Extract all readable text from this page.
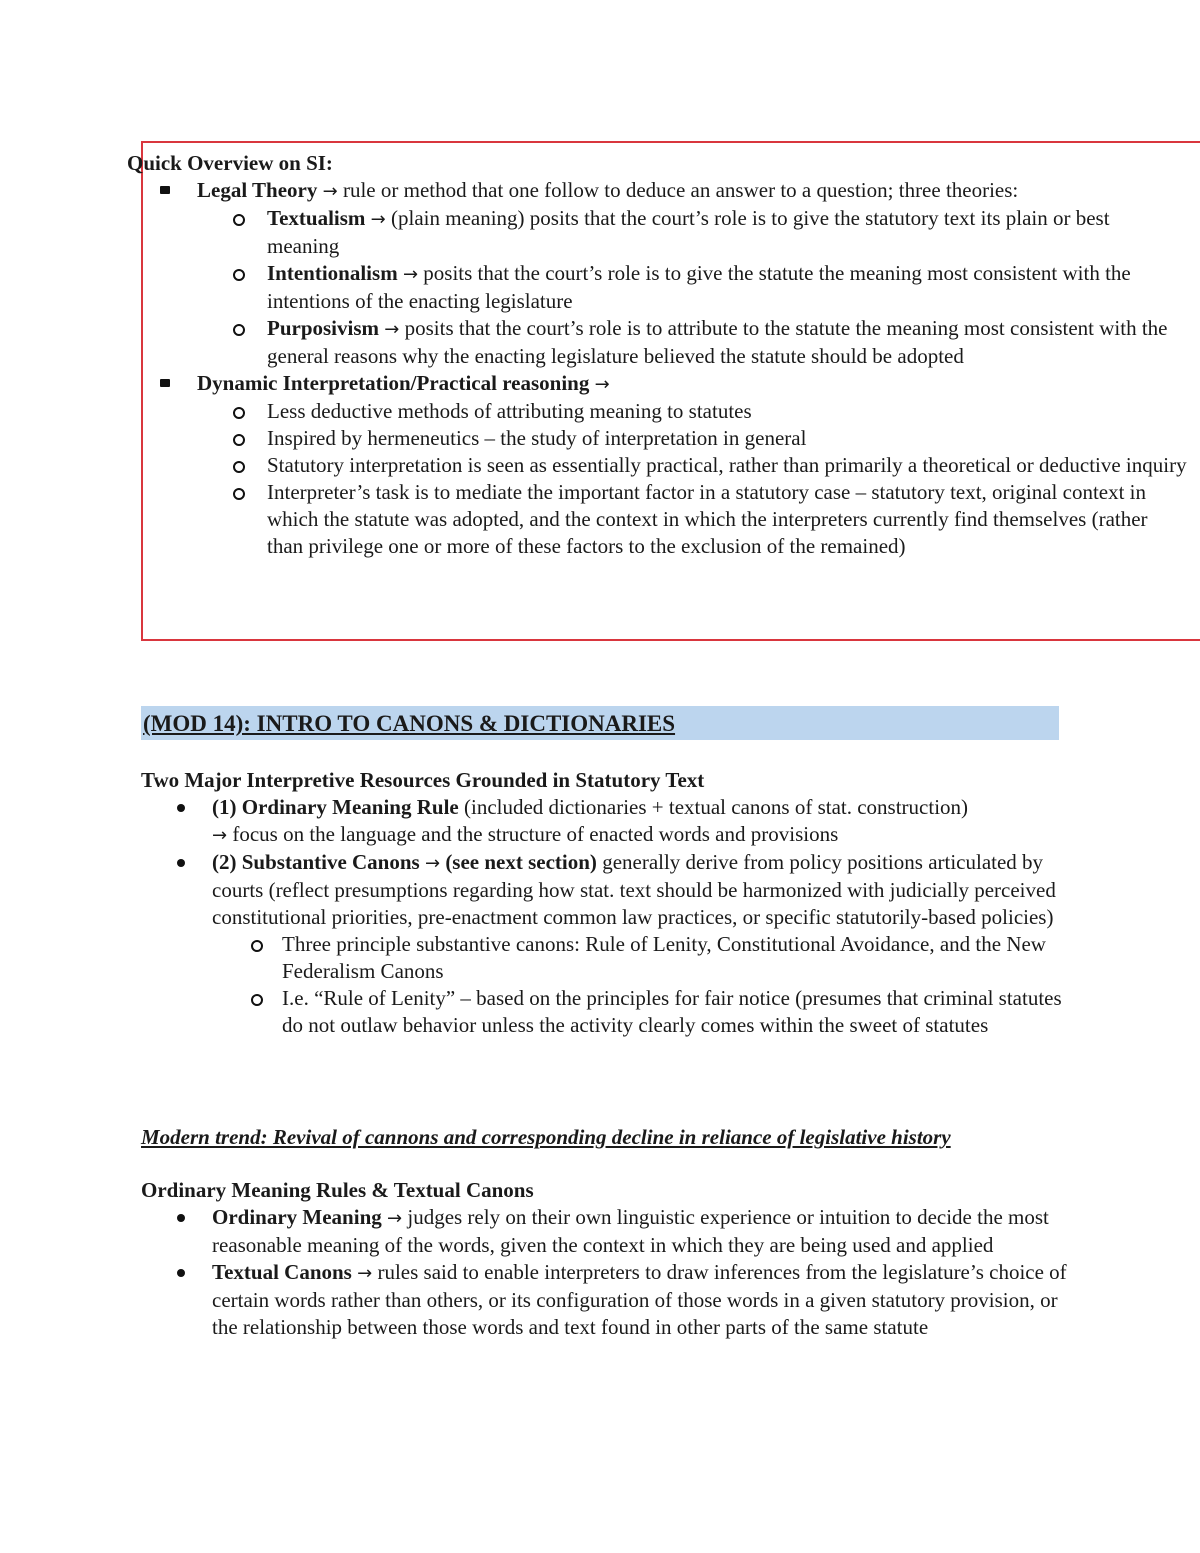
Quick Overview on SI:
Legal Theory → rule or method that one follow to deduce an answer to a question; three theories:
Textualism → (plain meaning) posits that the court’s role is to give the statutory text its plain or best meaning
Intentionalism → posits that the court’s role is to give the statute the meaning most consistent with the intentions of the enacting legislature
Purposivism → posits that the court’s role is to attribute to the statute the meaning most consistent with the general reasons why the enacting legislature believed the statute should be adopted
Dynamic Interpretation/Practical reasoning →
Less deductive methods of attributing meaning to statutes
Inspired by hermeneutics – the study of interpretation in general
Statutory interpretation is seen as essentially practical, rather than primarily a theoretical or deductive inquiry
Interpreter’s task is to mediate the important factor in a statutory case – statutory text, original context in which the statute was adopted, and the context in which the interpreters currently find themselves (rather than privilege one or more of these factors to the exclusion of the remained)
(MOD 14): INTRO TO CANONS & DICTIONARIES
Two Major Interpretive Resources Grounded in Statutory Text
(1) Ordinary Meaning Rule (included dictionaries + textual canons of stat. construction)
→ focus on the language and the structure of enacted words and provisions
(2) Substantive Canons → (see next section) generally derive from policy positions articulated by courts (reflect presumptions regarding how stat. text should be harmonized with judicially perceived constitutional priorities, pre-enactment common law practices, or specific statutorily-based policies)
Three principle substantive canons: Rule of Lenity, Constitutional Avoidance, and the New Federalism Canons
I.e. “Rule of Lenity” – based on the principles for fair notice (presumes that criminal statutes do not outlaw behavior unless the activity clearly comes within the sweet of statutes
Modern trend: Revival of cannons and corresponding decline in reliance of legislative history
Ordinary Meaning Rules & Textual Canons
Ordinary Meaning → judges rely on their own linguistic experience or intuition to decide the most reasonable meaning of the words, given the context in which they are being used and applied
Textual Canons → rules said to enable interpreters to draw inferences from the legislature’s choice of certain words rather than others, or its configuration of those words in a given statutory provision, or the relationship between those words and text found in other parts of the same statute
